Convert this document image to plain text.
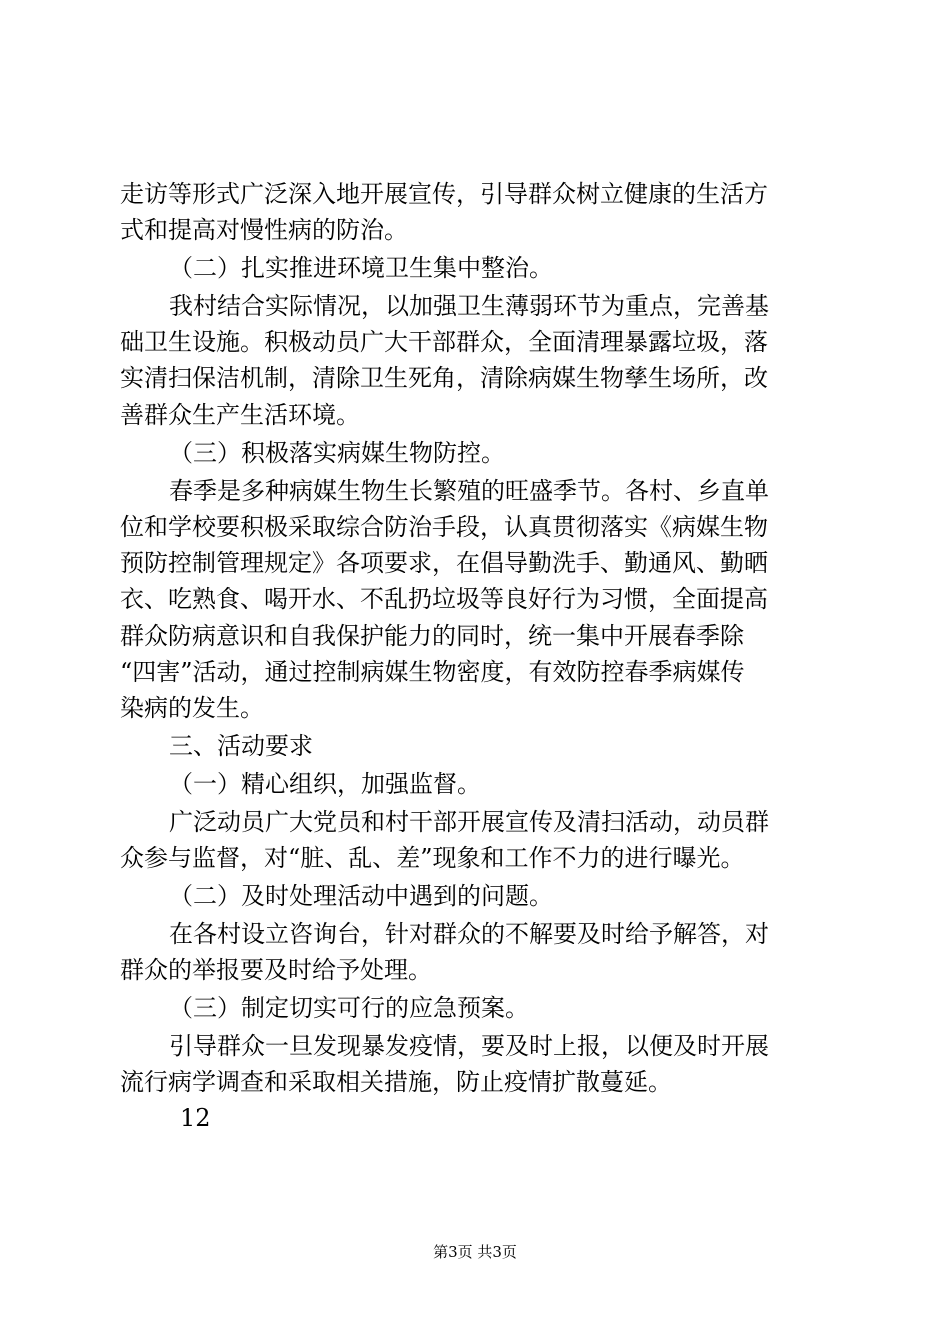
走访等形式广泛深入地开展宣传，引导群众树立健康的生活方
式和提高对慢性病的防治。
（二）扎实推进环境卫生集中整治。
我村结合实际情况，以加强卫生薄弱环节为重点，完善基
础卫生设施。积极动员广大干部群众，全面清理暴露垃圾，落
实清扫保洁机制，清除卫生死角，清除病媒生物孳生场所，改
善群众生产生活环境。
（三）积极落实病媒生物防控。
春季是多种病媒生物生长繁殖的旺盛季节。各村、乡直单
位和学校要积极采取综合防治手段，认真贯彻落实《病媒生物
预防控制管理规定》各项要求，在倡导勤洗手、勤通风、勤晒
衣、吃熟食、喝开水、不乱扔垃圾等良好行为习惯，全面提高
群众防病意识和自我保护能力的同时，统一集中开展春季除
“四害”活动，通过控制病媒生物密度，有效防控春季病媒传
染病的发生。
三、活动要求
（一）精心组织，加强监督。
广泛动员广大党员和村干部开展宣传及清扫活动，动员群
众参与监督，对“脏、乱、差”现象和工作不力的进行曝光。
（二）及时处理活动中遇到的问题。
在各村设立咨询台，针对群众的不解要及时给予解答，对
群众的举报要及时给予处理。
（三）制定切实可行的应急预案。
引导群众一旦发现暴发疫情，要及时上报，以便及时开展
流行病学调查和采取相关措施，防止疫情扩散蔓延。
12
第3页 共3页
